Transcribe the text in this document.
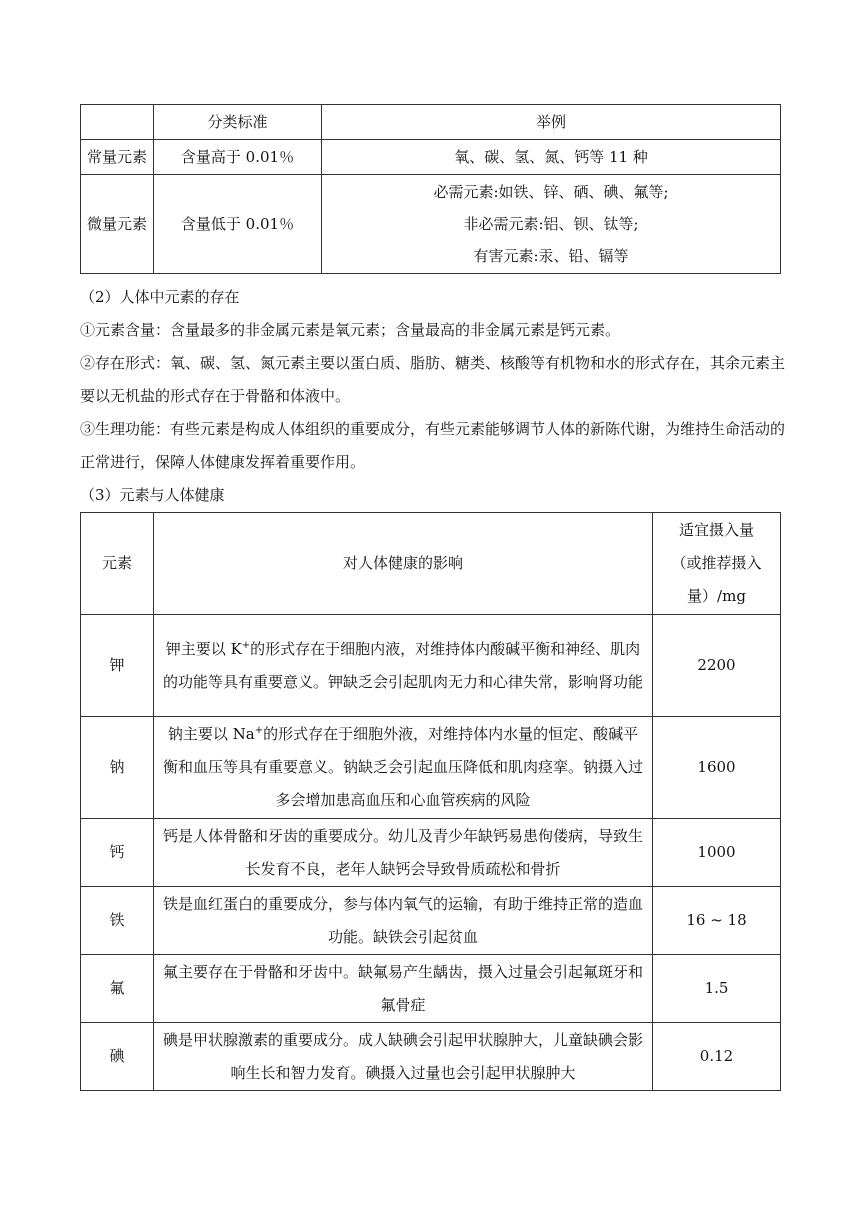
	分类标准	举例
常量元素	含量高于 0.01％	氧、碳、氢、氮、钙等 11 种
微量元素	含量低于 0.01％	必需元素:如铁、锌、硒、碘、氟等;
非必需元素:铝、钡、钛等;
有害元素:汞、铅、镉等

（2）人体中元素的存在

①元素含量：含量最多的非金属元素是氧元素；含量最高的非金属元素是钙元素。

②存在形式：氧、碳、氢、氮元素主要以蛋白质、脂肪、糖类、核酸等有机物和水的形式存在，其余元素主要以无机盐的形式存在于骨骼和体液中。

③生理功能：有些元素是构成人体组织的重要成分，有些元素能够调节人体的新陈代谢，为维持生命活动的正常进行，保障人体健康发挥着重要作用。

（3）元素与人体健康

元素	对人体健康的影响	适宜摄入量
（或推荐摄入
量）/mg

钾	钾主要以 K+的形式存在于细胞内液，对维持体内酸碱平衡和神经、肌肉的功能等具有重要意义。钾缺乏会引起肌肉无力和心律失常，影响肾功能	2200
钠	钠主要以 Na+的形式存在于细胞外液，对维持体内水量的恒定、酸碱平衡和血压等具有重要意义。钠缺乏会引起血压降低和肌肉痉挛。钠摄入过多会增加患高血压和心血管疾病的风险	1600
钙	钙是人体骨骼和牙齿的重要成分。幼儿及青少年缺钙易患佝偻病，导致生长发育不良，老年人缺钙会导致骨质疏松和骨折	1000
铁	铁是血红蛋白的重要成分，参与体内氧气的运输，有助于维持正常的造血功能。缺铁会引起贫血	16 ~ 18
氟	氟主要存在于骨骼和牙齿中。缺氟易产生龋齿，摄入过量会引起氟斑牙和氟骨症	1.5
碘	碘是甲状腺激素的重要成分。成人缺碘会引起甲状腺肿大，儿童缺碘会影响生长和智力发育。碘摄入过量也会引起甲状腺肿大	0.12
